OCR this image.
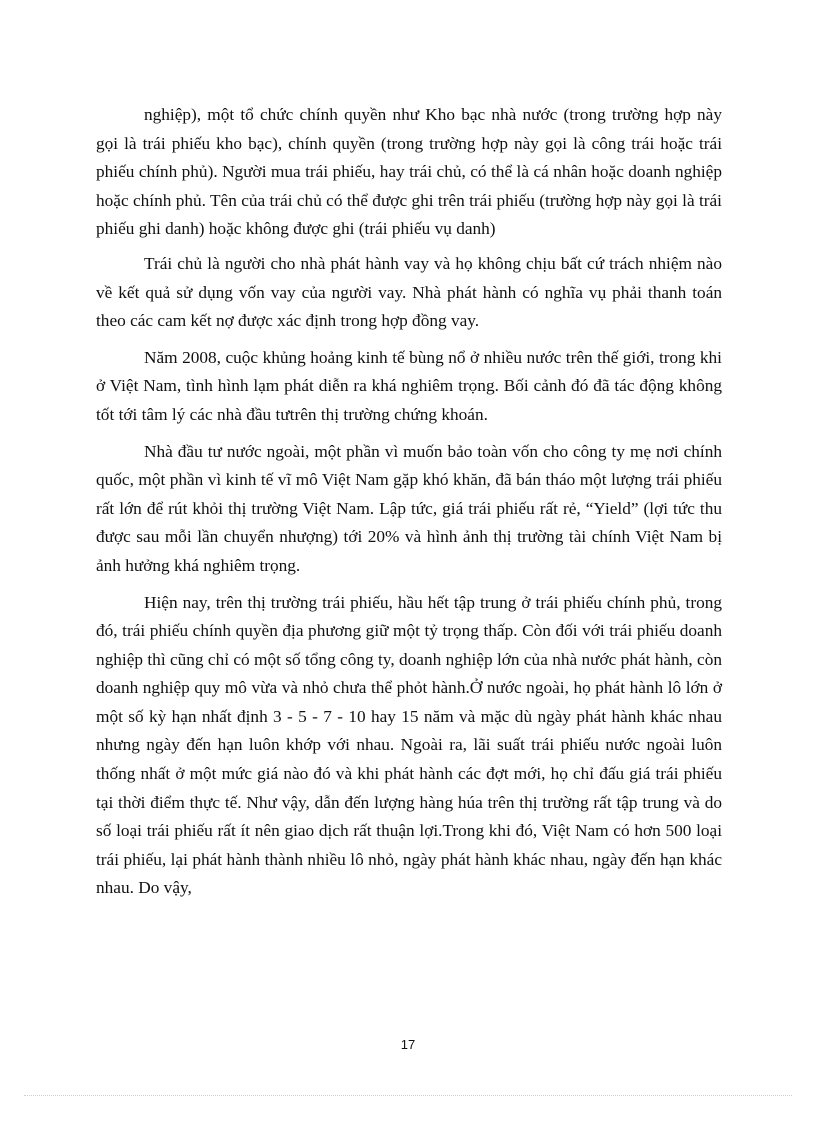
nghiệp), một tổ chức chính quyền như Kho bạc nhà nước (trong trường hợp này gọi là trái phiếu kho bạc), chính quyền (trong trường hợp này gọi là công trái hoặc trái phiếu chính phủ). Người mua trái phiếu, hay trái chủ, có thể là cá nhân hoặc doanh nghiệp hoặc chính phủ. Tên của trái chủ có thể được ghi trên trái phiếu (trường hợp này gọi là trái phiếu ghi danh) hoặc không được ghi (trái phiếu vụ danh)

Trái chủ là người cho nhà phát hành vay và họ không chịu bất cứ trách nhiệm nào về kết quả sử dụng vốn vay của người vay. Nhà phát hành có nghĩa vụ phải thanh toán theo các cam kết nợ được xác định trong hợp đồng vay.

Năm 2008, cuộc khủng hoảng kinh tế bùng nổ ở nhiều nước trên thế giới, trong khi ở Việt Nam, tình hình lạm phát diễn ra khá nghiêm trọng. Bối cảnh đó đã tác động không tốt tới tâm lý các nhà đầu tưtrên thị trường chứng khoán.

Nhà đầu tư nước ngoài, một phần vì muốn bảo toàn vốn cho công ty mẹ nơi chính quốc, một phần vì kinh tế vĩ mô Việt Nam gặp khó khăn, đã bán tháo một lượng trái phiếu rất lớn để rút khỏi thị trường Việt Nam. Lập tức, giá trái phiếu rất rẻ, “Yield” (lợi tức thu được sau mỗi lần chuyển nhượng) tới 20% và hình ảnh thị trường tài chính Việt Nam bị ảnh hưởng khá nghiêm trọng.

Hiện nay, trên thị trường trái phiếu, hầu hết tập trung ở trái phiếu chính phủ, trong đó, trái phiếu chính quyền địa phương giữ một tỷ trọng thấp. Còn đối với trái phiếu doanh nghiệp thì cũng chỉ có một số tổng công ty, doanh nghiệp lớn của nhà nước phát hành, còn doanh nghiệp quy mô vừa và nhỏ chưa thể phỏt hành.Ở nước ngoài, họ phát hành lô lớn ở một số kỳ hạn nhất định 3 - 5 - 7 - 10 hay 15 năm và mặc dù ngày phát hành khác nhau nhưng ngày đến hạn luôn khớp với nhau. Ngoài ra, lãi suất trái phiếu nước ngoài luôn thống nhất ở một mức giá nào đó và khi phát hành các đợt mới, họ chỉ đấu giá trái phiếu tại thời điểm thực tế. Như vậy, dẫn đến lượng hàng húa trên thị trường rất tập trung và do số loại trái phiếu rất ít nên giao dịch rất thuận lợi.Trong khi đó, Việt Nam có hơn 500 loại trái phiếu, lại phát hành thành nhiều lô nhỏ, ngày phát hành khác nhau, ngày đến hạn khác nhau. Do vậy,

17
